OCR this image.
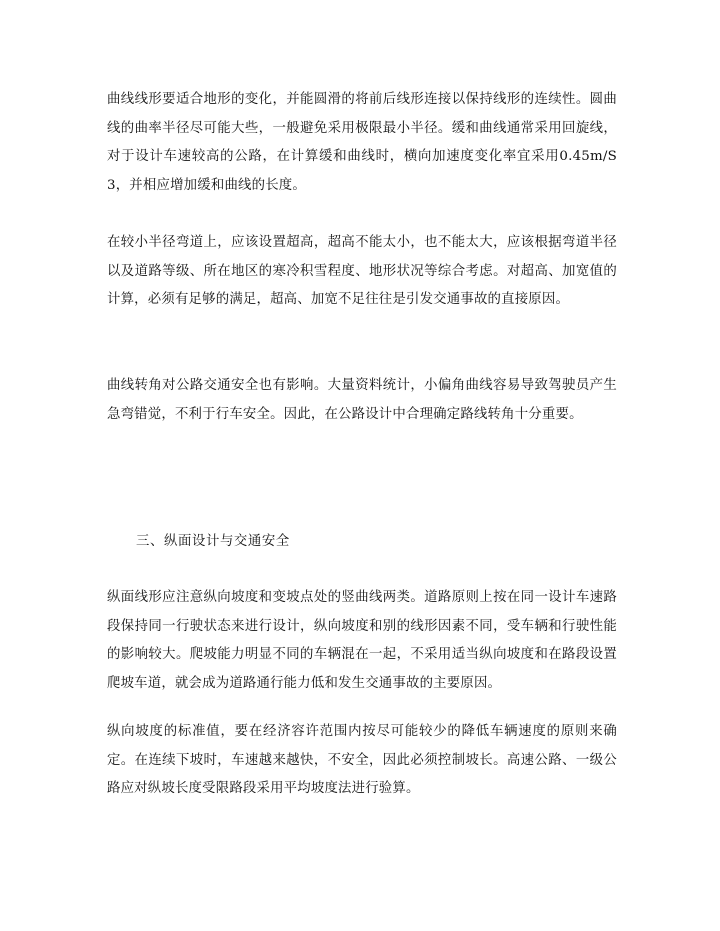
曲线线形要适合地形的变化，并能圆滑的将前后线形连接以保持线形的连续性。圆曲线的曲率半径尽可能大些，一般避免采用极限最小半径。缓和曲线通常采用回旋线，对于设计车速较高的公路，在计算缓和曲线时，横向加速度变化率宜采用0.45m/S3，并相应增加缓和曲线的长度。

在较小半径弯道上，应该设置超高，超高不能太小，也不能太大，应该根据弯道半径以及道路等级、所在地区的寒冷积雪程度、地形状况等综合考虑。对超高、加宽值的计算，必须有足够的满足，超高、加宽不足往往是引发交通事故的直接原因。

曲线转角对公路交通安全也有影响。大量资料统计，小偏角曲线容易导致驾驶员产生急弯错觉，不利于行车安全。因此，在公路设计中合理确定路线转角十分重要。

三、纵面设计与交通安全

纵面线形应注意纵向坡度和变坡点处的竖曲线两类。道路原则上按在同一设计车速路段保持同一行驶状态来进行设计，纵向坡度和别的线形因素不同，受车辆和行驶性能的影响较大。爬坡能力明显不同的车辆混在一起，不采用适当纵向坡度和在路段设置爬坡车道，就会成为道路通行能力低和发生交通事故的主要原因。

纵向坡度的标准值，要在经济容许范围内按尽可能较少的降低车辆速度的原则来确定。在连续下坡时，车速越来越快，不安全，因此必须控制坡长。高速公路、一级公路应对纵坡长度受限路段采用平均坡度法进行验算。
